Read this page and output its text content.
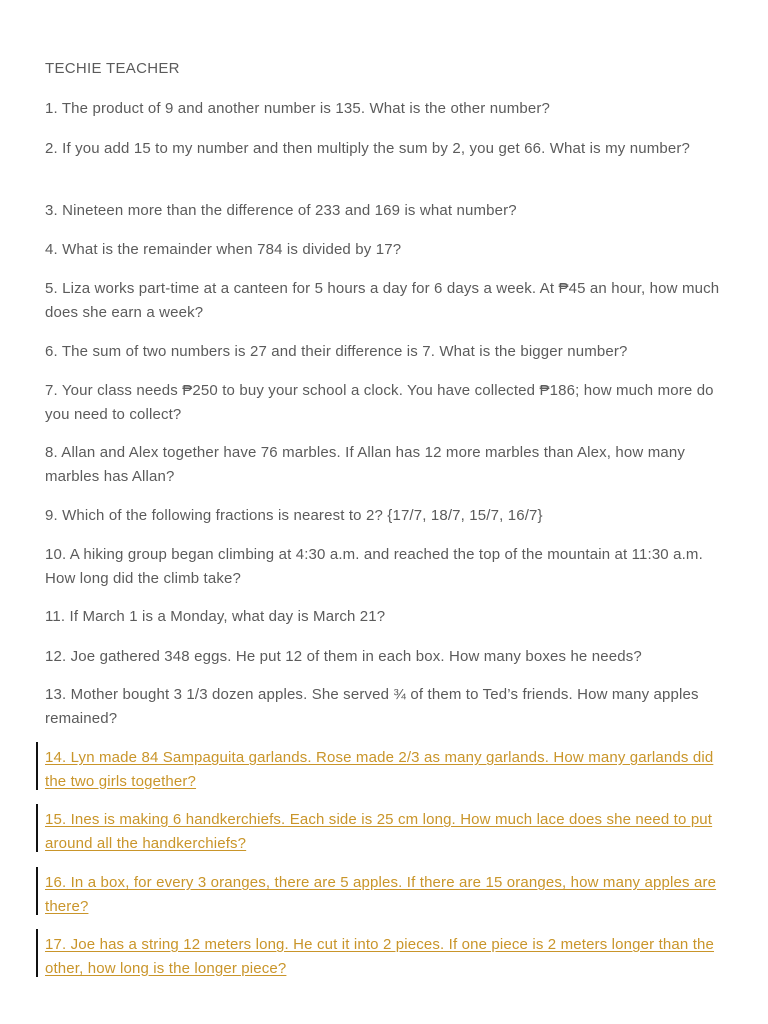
TECHIE TEACHER

1. The product of 9 and another number is 135. What is the other number?

2. If you add 15 to my number and then multiply the sum by 2, you get 66. What is my number?

3. Nineteen more than the difference of 233 and 169 is what number?

4. What is the remainder when 784 is divided by 17?

5. Liza works part-time at a canteen for 5 hours a day for 6 days a week. At ₱45 an hour, how much does she earn a week?

6. The sum of two numbers is 27 and their difference is 7. What is the bigger number?

7. Your class needs ₱250 to buy your school a clock. You have collected ₱186; how much more do you need to collect?

8. Allan and Alex together have 76 marbles. If Allan has 12 more marbles than Alex, how many marbles has Allan?

9. Which of the following fractions is nearest to 2? {17/7, 18/7, 15/7, 16/7}

10. A hiking group began climbing at 4:30 a.m. and reached the top of the mountain at 11:30 a.m. How long did the climb take?

11. If March 1 is a Monday, what day is March 21?

12. Joe gathered 348 eggs. He put 12 of them in each box. How many boxes he needs?

13. Mother bought 3 1/3 dozen apples. She served ¾ of them to Ted’s friends. How many apples remained?

14. Lyn made 84 Sampaguita garlands. Rose made 2/3 as many garlands. How many garlands did the two girls together?

15. Ines is making 6 handkerchiefs. Each side is 25 cm long. How much lace does she need to put around all the handkerchiefs?

16. In a box, for every 3 oranges, there are 5 apples. If there are 15 oranges, how many apples are there?

17. Joe has a string 12 meters long. He cut it into 2 pieces. If one piece is 2 meters longer than the other, how long is the longer piece?
